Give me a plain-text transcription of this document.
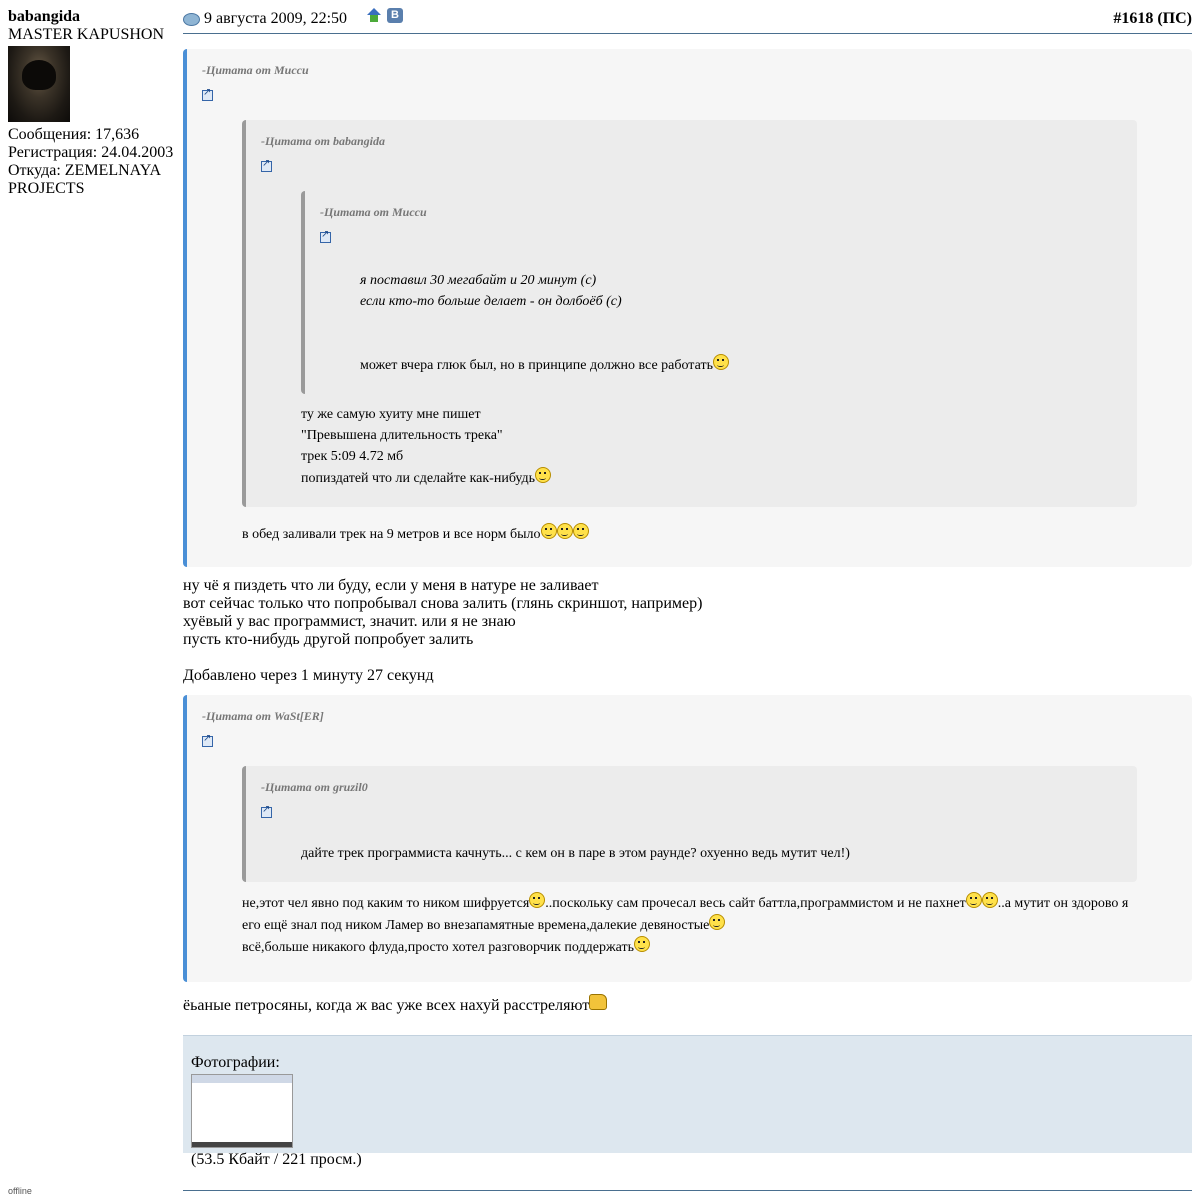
babangida
MASTER KAPUSHON
Сообщения: 17,636
Регистрация: 24.04.2003
Откуда: ZEMELNAYA PROJECTS
offline
9 августа 2009, 22:50	B	#1618 (ПС)
-Цитата от Мисси
↗
-Цитата от babangida
↗
-Цитата от Мисси
↗
я поставил 30 мегабайт и 20 минут (с)
если кто-то больше делает - он долбоёб (с)
может вчера глюк был, но в принципе должно все работать
ту же самую хуиту мне пишет
"Превышена длительность трека"
трек 5:09 4.72 мб
попиздатей что ли сделайте как-нибудь
в обед заливали трек на 9 метров и все норм было
ну чё я пиздеть что ли буду, если у меня в натуре не заливает
вот сейчас только что попробывал снова залить (глянь скриншот, например)
хуёвый у вас программист, значит. или я не знаю
пусть кто-нибудь другой попробует залить
Добавлено через 1 минуту 27 секунд
-Цитата от WaSt[ER]
↗
-Цитата от gruzil0
↗
дайте трек программиста качнуть... с кем он в паре в этом раунде? охуенно ведь мутит чел!)
не,этот чел явно под каким то ником шифруется ..поскольку сам прочесал весь сайт баттла,программистом и не пахнет ..а мутит он здорово я его ещё знал под ником Ламер во внезапамятные времена,далекие девяностые
всё,больше никакого флуда,просто хотел разговорчик поддержать
ёьаные петросяны, когда ж вас уже всех нахуй расстреляют
Фотографии:
(53.5 Кбайт / 221 просм.)
